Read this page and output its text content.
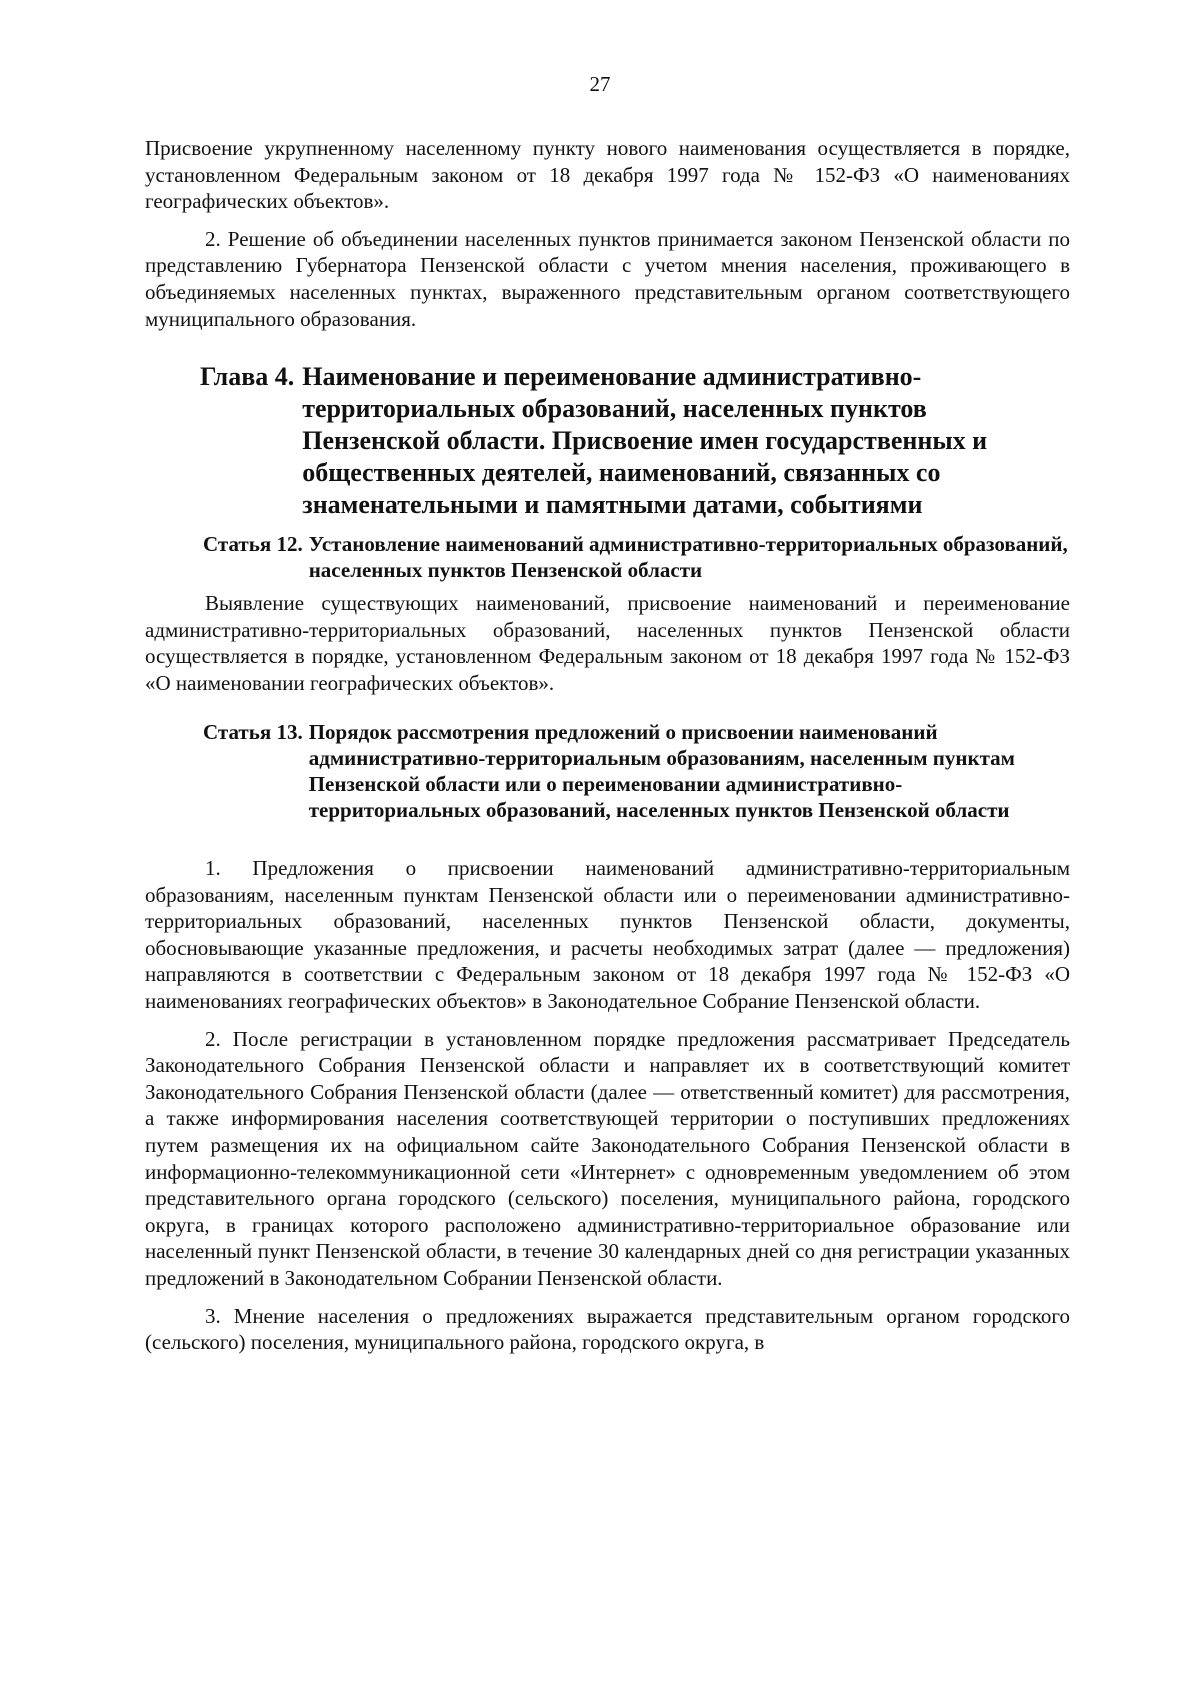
27

Присвоение укрупненному населенному пункту нового наименования осуществляется в порядке, установленном Федеральным законом от 18 декабря 1997 года № 152-ФЗ «О наименованиях географических объектов».

2. Решение об объединении населенных пунктов принимается законом Пензенской области по представлению Губернатора Пензенской области с учетом мнения населения, проживающего в объединяемых населенных пунктах, выраженного представительным органом соответствующего муниципального образования.

Глава 4. Наименование и переименование административно-территориальных образований, населенных пунктов Пензенской области. Присвоение имен государственных и общественных деятелей, наименований, связанных со знаменательными и памятными датами, событиями
Статья 12. Установление наименований административно-территориальных образований, населенных пунктов Пензенской области

Выявление существующих наименований, присвоение наименований и переименование административно-территориальных образований, населенных пунктов Пензенской области осуществляется в порядке, установленном Федеральным законом от 18 декабря 1997 года № 152-ФЗ «О наименовании географических объектов».

Статья 13. Порядок рассмотрения предложений о присвоении наименований административно-территориальным образованиям, населенным пунктам Пензенской области или о переименовании административно-территориальных образований, населенных пунктов Пензенской области

1. Предложения о присвоении наименований административно-территориальным образованиям, населенным пунктам Пензенской области или о переименовании административно-территориальных образований, населенных пунктов Пензенской области, документы, обосновывающие указанные предложения, и расчеты необходимых затрат (далее — предложения) направляются в соответствии с Федеральным законом от 18 декабря 1997 года № 152-ФЗ «О наименованиях географических объектов» в Законодательное Собрание Пензенской области.

2. После регистрации в установленном порядке предложения рассматривает Председатель Законодательного Собрания Пензенской области и направляет их в соответствующий комитет Законодательного Собрания Пензенской области (далее — ответственный комитет) для рассмотрения, а также информирования населения соответствующей территории о поступивших предложениях путем размещения их на официальном сайте Законодательного Собрания Пензенской области в информационно-телекоммуникационной сети «Интернет» с одновременным уведомлением об этом представительного органа городского (сельского) поселения, муниципального района, городского округа, в границах которого расположено административно-территориальное образование или населенный пункт Пензенской области, в течение 30 календарных дней со дня регистрации указанных предложений в Законодательном Собрании Пензенской области.

3. Мнение населения о предложениях выражается представительным органом городского (сельского) поселения, муниципального района, городского округа, в
